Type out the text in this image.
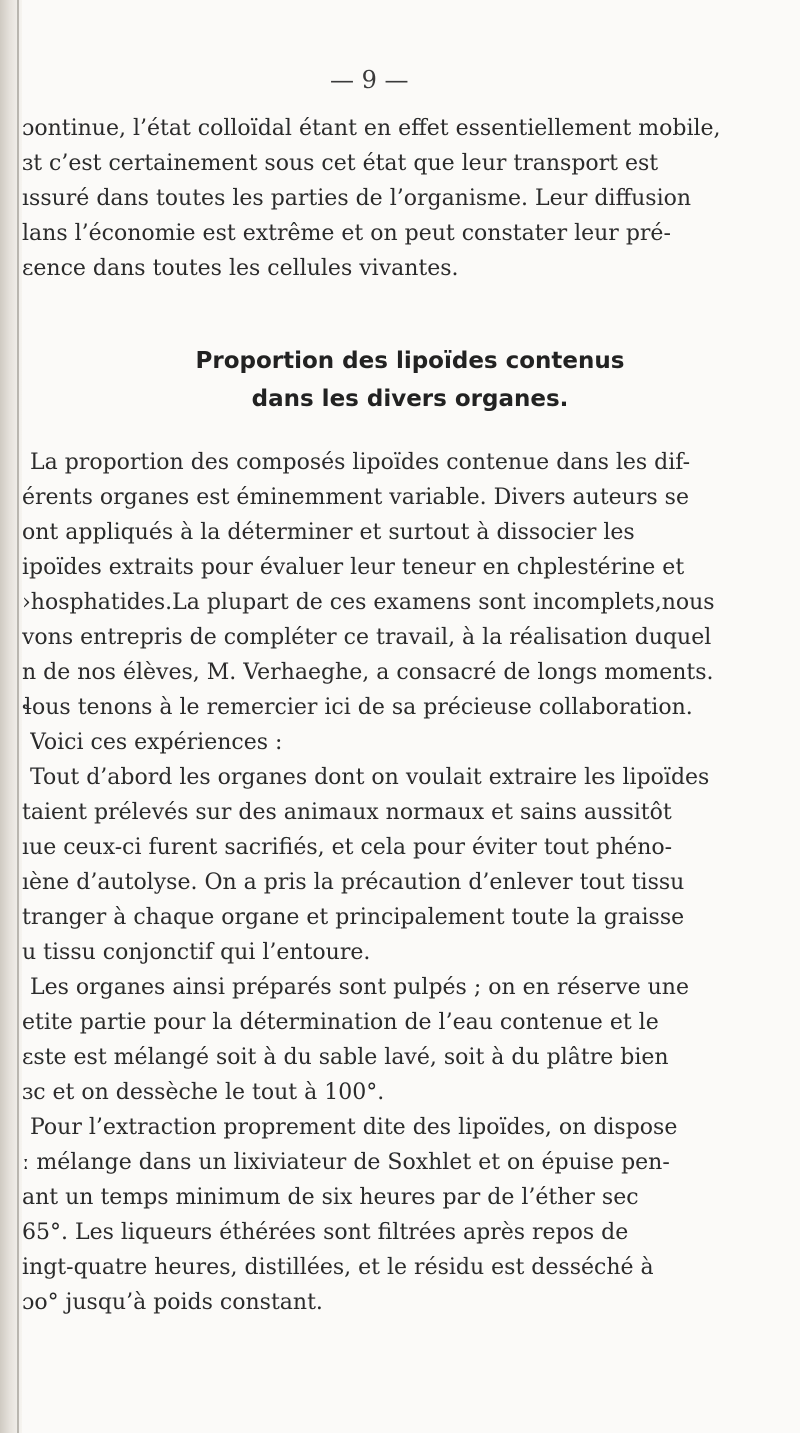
— 9 —
ɔontinue, l’état colloïdal étant en effet essentiellement mobile,
ɜt c’est certainement sous cet état que leur transport est
ıssuré dans toutes les parties de l’organisme. Leur diffusion
lans l’économie est extrême et on peut constater leur pré-
ɛence dans toutes les cellules vivantes.
Proportion des lipoïdes contenus
dans les divers organes.
La proportion des composés lipoïdes contenue dans les dif-
érents organes est éminemment variable. Divers auteurs se
ont appliqués à la déterminer et surtout à dissocier les
ipoïdes extraits pour évaluer leur teneur en chplestérine et
›hosphatides.La plupart de ces examens sont incomplets,nous
vons entrepris de compléter ce travail, à la réalisation duquel
n de nos élèves, M. Verhaeghe, a consacré de longs moments.
ɬous tenons à le remercier ici de sa précieuse collaboration.
Voici ces expériences :
Tout d’abord les organes dont on voulait extraire les lipoïdes
taient prélevés sur des animaux normaux et sains aussitôt
ıue ceux-ci furent sacrifiés, et cela pour éviter tout phéno-
ıène d’autolyse. On a pris la précaution d’enlever tout tissu
tranger à chaque organe et principalement toute la graisse
u tissu conjonctif qui l’entoure.
Les organes ainsi préparés sont pulpés ; on en réserve une
etite partie pour la détermination de l’eau contenue et le
ɛste est mélangé soit à du sable lavé, soit à du plâtre bien
ɜc et on dessèche le tout à 100°.
Pour l’extraction proprement dite des lipoïdes, on dispose
ː mélange dans un lixiviateur de Soxhlet et on épuise pen-
ant un temps minimum de six heures par de l’éther sec
65°. Les liqueurs éthérées sont filtrées après repos de
ingt-quatre heures, distillées, et le résidu est desséché à
ɔo° jusqu’à poids constant.
